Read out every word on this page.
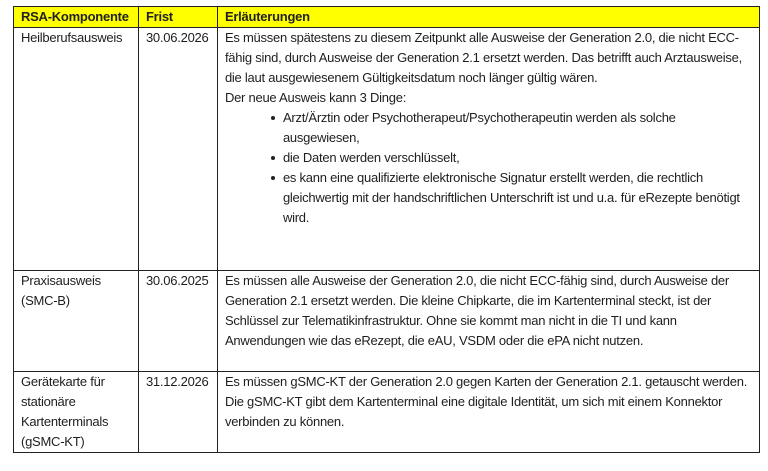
RSA-Komponente	Frist	Erläuterungen
Heilberufsausweis	30.06.2026	Es müssen spätestens zu diesem Zeitpunkt alle Ausweise der Generation 2.0, die nicht ECC-fähig sind, durch Ausweise der Generation 2.1 ersetzt werden. Das betrifft auch Arztausweise, die laut ausgewiesenem Gültigkeitsdatum noch länger gültig wären.

Der neue Ausweis kann 3 Dinge:

Arzt/Ärztin oder Psychotherapeut/Psychotherapeutin werden als solche ausgewiesen,
die Daten werden verschlüsselt,
es kann eine qualifizierte elektronische Signatur erstellt werden, die rechtlich gleichwertig mit der handschriftlichen Unterschrift ist und u.a. für eRezepte benötigt wird.

Praxisausweis (SMC-B)	30.06.2025	Es müssen alle Ausweise der Generation 2.0, die nicht ECC-fähig sind, durch Ausweise der Generation 2.1 ersetzt werden. Die kleine Chipkarte, die im Kartenterminal steckt, ist der Schlüssel zur Telematikinfrastruktur. Ohne sie kommt man nicht in die TI und kann Anwendungen wie das eRezept, die eAU, VSDM oder die ePA nicht nutzen.

Gerätekarte für stationäre Kartenterminals (gSMC-KT)	31.12.2026	Es müssen gSMC-KT der Generation 2.0 gegen Karten der Generation 2.1. getauscht werden. Die gSMC-KT gibt dem Kartenterminal eine digitale Identität, um sich mit einem Konnektor verbinden zu können.
